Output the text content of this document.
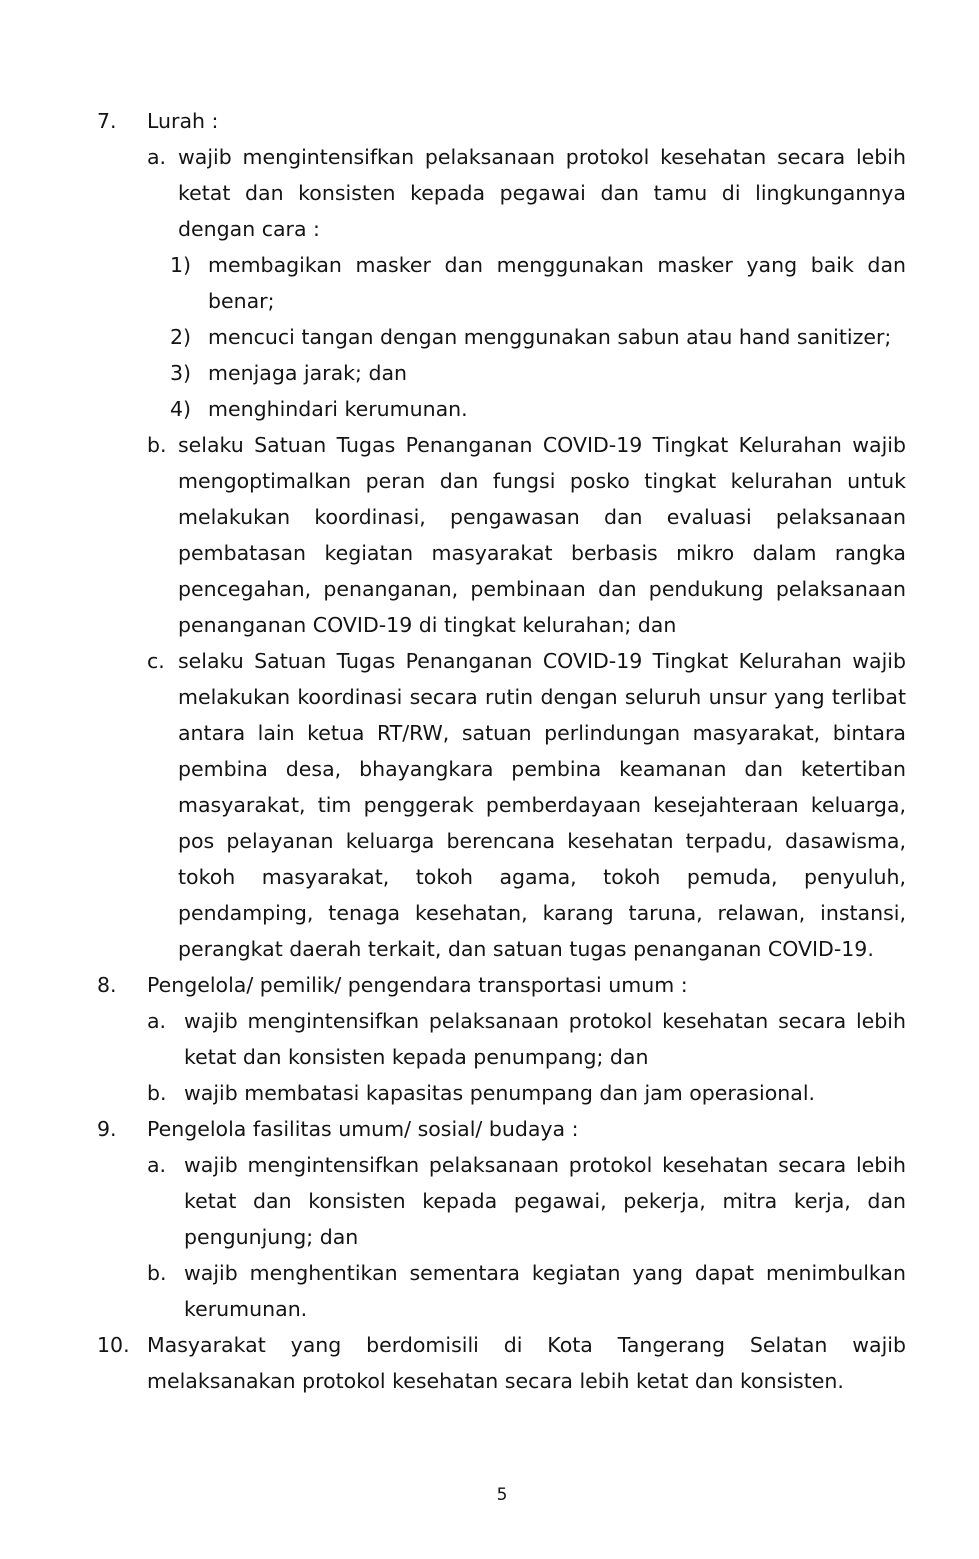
7.	Lurah :
a. wajib mengintensifkan pelaksanaan protokol kesehatan secara lebih ketat dan konsisten kepada pegawai dan tamu di lingkungannya dengan cara :
1) membagikan masker dan menggunakan masker yang baik dan benar;
2) mencuci tangan dengan menggunakan sabun atau hand sanitizer;
3) menjaga jarak; dan
4) menghindari kerumunan.
b. selaku Satuan Tugas Penanganan COVID-19 Tingkat Kelurahan wajib mengoptimalkan peran dan fungsi posko tingkat kelurahan untuk melakukan koordinasi, pengawasan dan evaluasi pelaksanaan pembatasan kegiatan masyarakat berbasis mikro dalam rangka pencegahan, penanganan, pembinaan dan pendukung pelaksanaan penanganan COVID-19 di tingkat kelurahan; dan
c. selaku Satuan Tugas Penanganan COVID-19 Tingkat Kelurahan wajib melakukan koordinasi secara rutin dengan seluruh unsur yang terlibat antara lain ketua RT/RW, satuan perlindungan masyarakat, bintara pembina desa, bhayangkara pembina keamanan dan ketertiban masyarakat, tim penggerak pemberdayaan kesejahteraan keluarga, pos pelayanan keluarga berencana kesehatan terpadu, dasawisma, tokoh masyarakat, tokoh agama, tokoh pemuda, penyuluh, pendamping, tenaga kesehatan, karang taruna, relawan, instansi, perangkat daerah terkait, dan satuan tugas penanganan COVID-19.
8.	Pengelola/ pemilik/ pengendara transportasi umum :
a. wajib mengintensifkan pelaksanaan protokol kesehatan secara lebih ketat dan konsisten kepada penumpang; dan
b. wajib membatasi kapasitas penumpang dan jam operasional.
9.	Pengelola fasilitas umum/ sosial/ budaya :
a. wajib mengintensifkan pelaksanaan protokol kesehatan secara lebih ketat dan konsisten kepada pegawai, pekerja, mitra kerja, dan pengunjung; dan
b. wajib menghentikan sementara kegiatan yang dapat menimbulkan kerumunan.
10. Masyarakat yang berdomisili di Kota Tangerang Selatan wajib melaksanakan protokol kesehatan secara lebih ketat dan konsisten.
5
